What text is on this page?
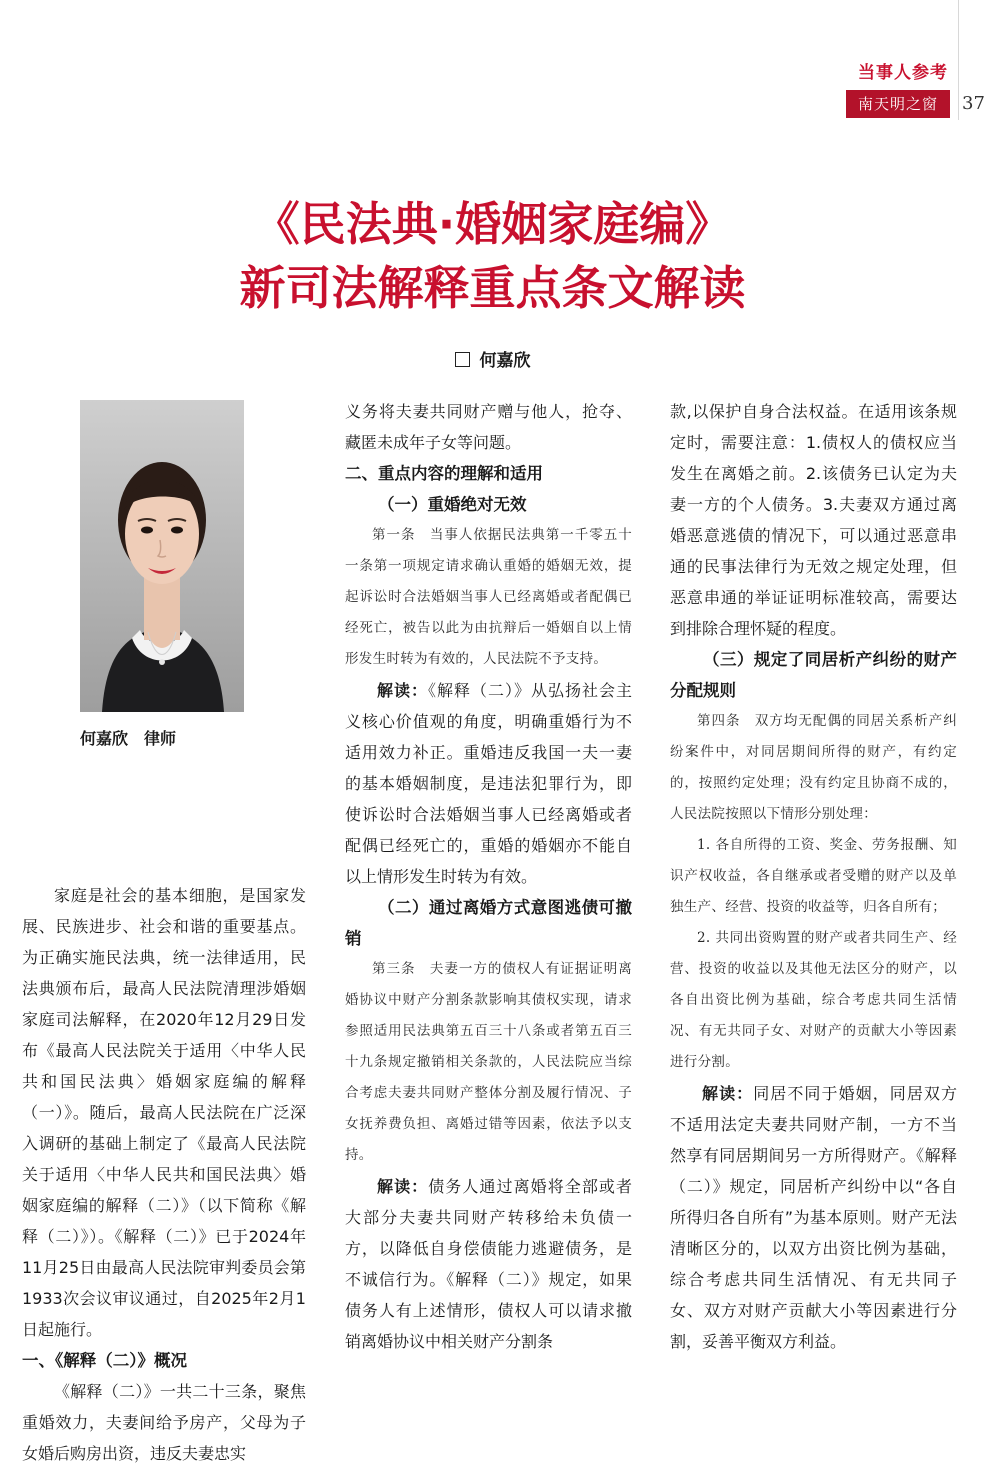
当事人参考
南天明之窗	37
《民法典·婚姻家庭编》
新司法解释重点条文解读
何嘉欣
何嘉欣　律师

家庭是社会的基本细胞，是国家发展、民族进步、社会和谐的重要基点。为正确实施民法典，统一法律适用，民法典颁布后，最高人民法院清理涉婚姻家庭司法解释，在2020年12月29日发布《最高人民法院关于适用〈中华人民共和国民法典〉婚姻家庭编的解释（一）》。随后，最高人民法院在广泛深入调研的基础上制定了《最高人民法院关于适用〈中华人民共和国民法典〉婚姻家庭编的解释（二）》（以下简称《解释（二）》）。《解释（二）》已于2024年11月25日由最高人民法院审判委员会第1933次会议审议通过，自2025年2月1日起施行。

一、《解释（二）》概况

《解释（二）》一共二十三条，聚焦重婚效力，夫妻间给予房产，父母为子女婚后购房出资，违反夫妻忠实

义务将夫妻共同财产赠与他人，抢夺、藏匿未成年子女等问题。

二、重点内容的理解和适用

（一）重婚绝对无效

第一条　当事人依据民法典第一千零五十一条第一项规定请求确认重婚的婚姻无效，提起诉讼时合法婚姻当事人已经离婚或者配偶已经死亡，被告以此为由抗辩后一婚姻自以上情形发生时转为有效的，人民法院不予支持。

解读：《解释（二）》从弘扬社会主义核心价值观的角度，明确重婚行为不适用效力补正。重婚违反我国一夫一妻的基本婚姻制度，是违法犯罪行为，即使诉讼时合法婚姻当事人已经离婚或者配偶已经死亡的，重婚的婚姻亦不能自以上情形发生时转为有效。

（二）通过离婚方式意图逃债可撤销

第三条　夫妻一方的债权人有证据证明离婚协议中财产分割条款影响其债权实现，请求参照适用民法典第五百三十八条或者第五百三十九条规定撤销相关条款的，人民法院应当综合考虑夫妻共同财产整体分割及履行情况、子女抚养费负担、离婚过错等因素，依法予以支持。

解读：债务人通过离婚将全部或者大部分夫妻共同财产转移给未负债一方，以降低自身偿债能力逃避债务，是不诚信行为。《解释（二）》规定，如果债务人有上述情形，债权人可以请求撤销离婚协议中相关财产分割条

款,以保护自身合法权益。在适用该条规定时，需要注意：1.债权人的债权应当发生在离婚之前。2.该债务已认定为夫妻一方的个人债务。3.夫妻双方通过离婚恶意逃债的情况下，可以通过恶意串通的民事法律行为无效之规定处理，但恶意串通的举证证明标准较高，需要达到排除合理怀疑的程度。

（三）规定了同居析产纠纷的财产分配规则

第四条　双方均无配偶的同居关系析产纠纷案件中，对同居期间所得的财产，有约定的，按照约定处理；没有约定且协商不成的，人民法院按照以下情形分别处理：

1. 各自所得的工资、奖金、劳务报酬、知识产权收益，各自继承或者受赠的财产以及单独生产、经营、投资的收益等，归各自所有；

2. 共同出资购置的财产或者共同生产、经营、投资的收益以及其他无法区分的财产，以各自出资比例为基础，综合考虑共同生活情况、有无共同子女、对财产的贡献大小等因素进行分割。

解读：同居不同于婚姻，同居双方不适用法定夫妻共同财产制，一方不当然享有同居期间另一方所得财产。《解释（二）》规定，同居析产纠纷中以“各自所得归各自所有”为基本原则。财产无法清晰区分的，以双方出资比例为基础，综合考虑共同生活情况、有无共同子女、双方对财产贡献大小等因素进行分割，妥善平衡双方利益。
